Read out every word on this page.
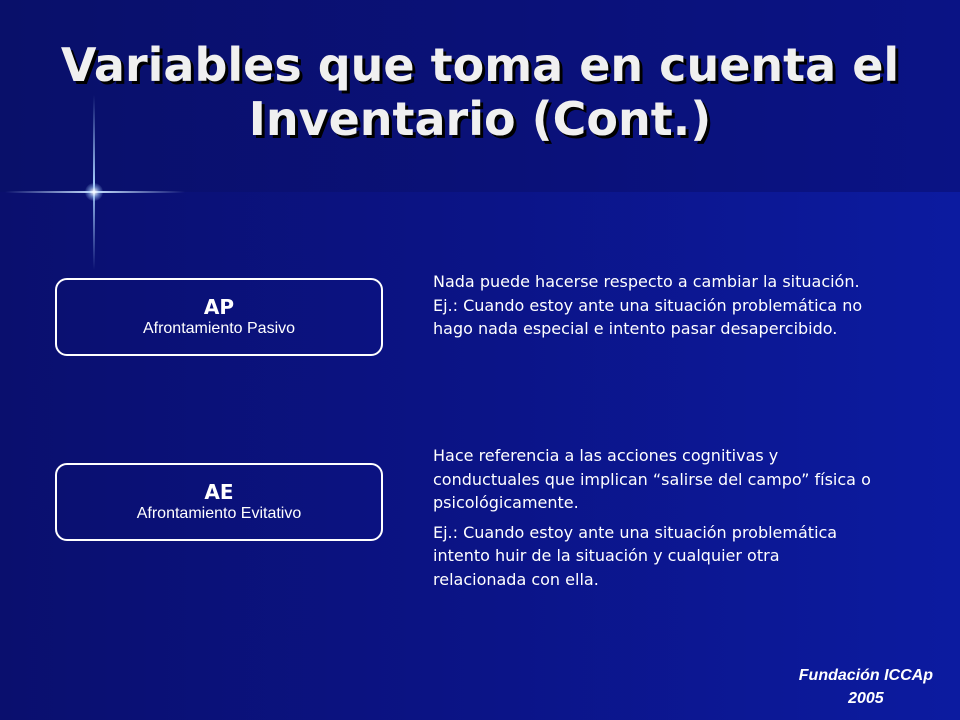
Variables que toma en cuenta el
Inventario (Cont.)
AP
Afrontamiento Pasivo

Nada puede hacerse respecto a cambiar la situación.

Ej.: Cuando estoy ante una situación problemática no hago nada especial e intento pasar desapercibido.

AE
Afrontamiento Evitativo

Hace referencia a las acciones cognitivas y conductuales que implican “salirse del campo” física o psicológicamente.

Ej.: Cuando estoy ante una situación problemática intento huir de la situación y cualquier otra relacionada con ella.

Fundación ICCAp
2005
